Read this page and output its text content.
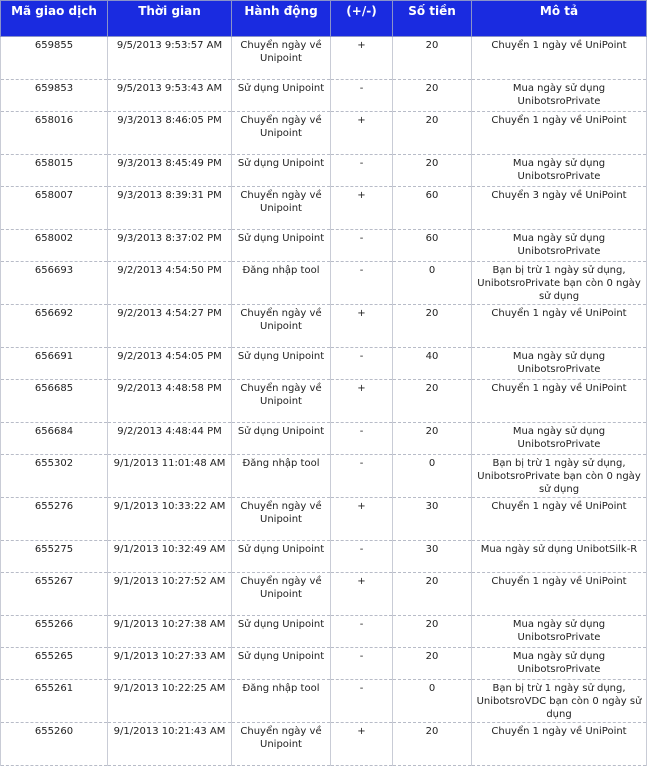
Mã giao dịch	Thời gian	Hành động	(+/-)	Số tiền	Mô tả
659855	9/5/2013 9:53:57 AM	Chuyển ngày về Unipoint	+	20	Chuyển 1 ngày về UniPoint
659853	9/5/2013 9:53:43 AM	Sử dụng Unipoint	-	20	Mua ngày sử dụng UnibotsroPrivate
658016	9/3/2013 8:46:05 PM	Chuyển ngày về Unipoint	+	20	Chuyển 1 ngày về UniPoint
658015	9/3/2013 8:45:49 PM	Sử dụng Unipoint	-	20	Mua ngày sử dụng UnibotsroPrivate
658007	9/3/2013 8:39:31 PM	Chuyển ngày về Unipoint	+	60	Chuyển 3 ngày về UniPoint
658002	9/3/2013 8:37:02 PM	Sử dụng Unipoint	-	60	Mua ngày sử dụng UnibotsroPrivate
656693	9/2/2013 4:54:50 PM	Đăng nhập tool	-	0	Bạn bị trừ 1 ngày sử dụng, UnibotsroPrivate bạn còn 0 ngày sử dụng
656692	9/2/2013 4:54:27 PM	Chuyển ngày về Unipoint	+	20	Chuyển 1 ngày về UniPoint
656691	9/2/2013 4:54:05 PM	Sử dụng Unipoint	-	40	Mua ngày sử dụng UnibotsroPrivate
656685	9/2/2013 4:48:58 PM	Chuyển ngày về Unipoint	+	20	Chuyển 1 ngày về UniPoint
656684	9/2/2013 4:48:44 PM	Sử dụng Unipoint	-	20	Mua ngày sử dụng UnibotsroPrivate
655302	9/1/2013 11:01:48 AM	Đăng nhập tool	-	0	Bạn bị trừ 1 ngày sử dụng, UnibotsroPrivate bạn còn 0 ngày sử dụng
655276	9/1/2013 10:33:22 AM	Chuyển ngày về Unipoint	+	30	Chuyển 1 ngày về UniPoint
655275	9/1/2013 10:32:49 AM	Sử dụng Unipoint	-	30	Mua ngày sử dụng UnibotSilk-R
655267	9/1/2013 10:27:52 AM	Chuyển ngày về Unipoint	+	20	Chuyển 1 ngày về UniPoint
655266	9/1/2013 10:27:38 AM	Sử dụng Unipoint	-	20	Mua ngày sử dụng UnibotsroPrivate
655265	9/1/2013 10:27:33 AM	Sử dụng Unipoint	-	20	Mua ngày sử dụng UnibotsroPrivate
655261	9/1/2013 10:22:25 AM	Đăng nhập tool	-	0	Bạn bị trừ 1 ngày sử dụng, UnibotsroVDC bạn còn 0 ngày sử dụng
655260	9/1/2013 10:21:43 AM	Chuyển ngày về Unipoint	+	20	Chuyển 1 ngày về UniPoint
